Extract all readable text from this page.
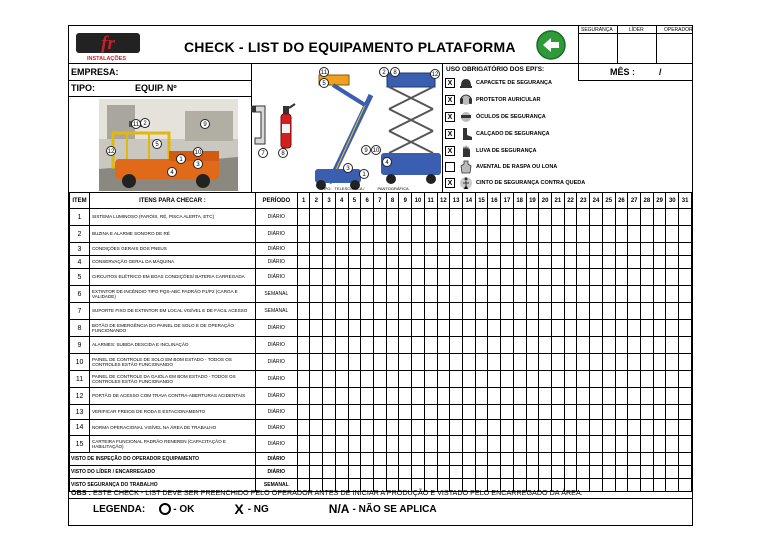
fr
INSTALAÇÕES
CHECK - LIST DO EQUIPAMENTO PLATAFORMA
SEGURANÇA	LÍDER	OPERADOR
EMPRESA:
TIPO:	EQUIP. Nº
11 2	9
5
12	10
1
3
4
7	8
11	2	8	12
5
9 10
4
3
1
TIPO: TELESCÓPICA /	PANTOGRÁFICA
USO OBRIGATÓRIO DOS EPI'S:
X	CAPACETE DE SEGURANÇA
X	PROTETOR AURICULAR
X	ÓCULOS DE SEGURANÇA
X	CALÇADO DE SEGURANÇA
X	LUVA DE SEGURANÇA
AVENTAL DE RASPA OU LONA
X	CINTO DE SEGURANÇA CONTRA QUEDA
MÊS :	/
ITEM	ITENS PARA CHECAR :	PERÍODO	1	2	3	4	5	6	7	8	9	10	11	12	13	14	15	16	17	18	19	20	21	22	23	24	25	26	27	28	29	30	31
1	SISTEMA LUMINOSO (FARÓIS, RÉ, PISCA ALERTA, ETC)	DIÁRIO																															
2	BUZINA E ALARME SONORO DE RÉ	DIÁRIO																															
3	CONDIÇÕES GERAIS DOS PNEUS	DIÁRIO																															
4	CONSERVAÇÃO GERAL DA MÁQUINA	DIÁRIO																															
5	CIRCUITOS ELÉTRICO EM BOAS CONDIÇÕES/ BATERIA CARREGADA	DIÁRIO																															
6	EXTINTOR DE INCÊNDIO TIPO PQS-ABC PADRÃO P1/P2 (CARGA E VALIDADE)	SEMANAL																															
7	SUPORTE FIXO DE EXTINTOR EM LOCAL VISÍVEL E DE FÁCIL ACESSO	SEMANAL																															
8	BOTÃO DE EMERGÊNCIA DO PAINEL DE SOLO E DE OPERAÇÃO FUNCIONANDO	DIÁRIO																															
9	ALARMES: SUBIDA DESCIDA E INCLINAÇÃO	DIÁRIO																															
10	PAINEL DE CONTROLE DE SOLO EM BOM ESTADO - TODOS OS CONTROLES ESTÃO FUNCIONANDO	DIÁRIO																															
11	PAINEL DE CONTROLE DA GAIOLA EM BOM ESTADO - TODOS OS CONTROLES ESTÃO FUNCIONANDO	DIÁRIO																															
12	PORTÃO DE ACESSO COM TRAVA CONTRA-ABERTURAS ACIDENTAIS	DIÁRIO																															
13	VERIFICAR FREIOS DE RODA E ESTACIONAMENTO	DIÁRIO																															
14	NORMA OPERACIONAL VISÍVEL NA ÁREA DE TRABALHO	DIÁRIO																															
15	CARTEIRA FUNCIONAL PADRÃO RENEREN (CAPACITAÇÃO E HABILITAÇÃO)	DIÁRIO																															
VISTO DE INSPEÇÃO DO OPERADOR EQUIPAMENTO		DIÁRIO																															
VISTO DO LÍDER / ENCARREGADO		DIÁRIO																															
VISTO SEGURANÇA DO TRABALHO		SEMANAL																															
OBS : ESTE CHECK - LIST DEVE SER PREENCHIDO PELO OPERADOR ANTES DE INICIAR A PRODUÇÃO E VISTADO PELO ENCARREGADO DA ÁREA.
LEGENDA:	- OK	X - NG	N/A - NÃO SE APLICA
